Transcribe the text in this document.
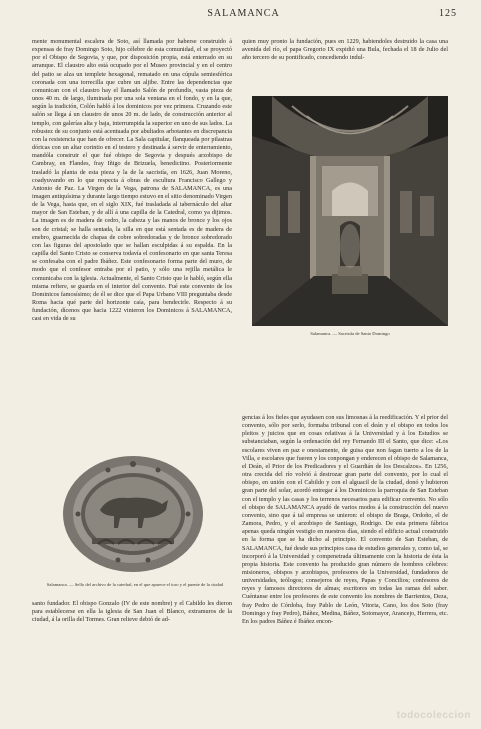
SALAMANCA	125

mente monumental escalera de Soto, así llamada por haberse construido á expensas de fray Domingo Soto, hijo célebre de esta comunidad, el se proyectó por el Obispo de Segovia, y que, por disposición propia, está enterrado en su arranque. El claustro alto está ocupado por el Museo provincial y en el centro del patio se alza un templete hexagonal, rematado en una cúpula semiesférica coronada con una torrecilla que cubre un aljibe. Entre las dependencias que comunican con el claustro hay el llamado Salón de profundis, vasta pieza de unos 40 m. de largo, iluminada por una sola ventana en el fondo, y en la que, según la tradición, Colón habló á los dominicos por vez primera. Cruzando este salón se llega á un claustro de unos 20 m. de lado, de construcción anterior al templo, con galerías alta y baja, interrumpida la superior en uno de sus lados. La robustez de su conjunto está acentuada por abultados arbotantes en discrepancia con la resistencia que han de ofrecer. La Sala capitular, flanqueada por pilastras dóricas con un altar corintio en el testero y destinada á servir de enterramiento, mandóla construir el que fué obispo de Segovia y después arzobispo de Cambray, en Flandes, fray Iñigo de Brizuela, benedictino. Posteriormente trasladó la planta de esta pieza y la de la sacristía, en 1626, Juan Moreno, coadyuvando en lo que respecta á obras de escultura Francisco Gallego y Antonio de Paz. La Virgen de la Vega, patrona de SALAMANCA, es una imagen antiquísima y durante largo tiempo estuvo en el sitio denominado Virgen de la Vega, hasta que, en el siglo XIX, fué trasladada al tabernáculo del altar mayor de San Esteban, y de allí á una capilla de la Catedral, como ya dijimos. La imagen es de madera de cedro, la cabeza y las manos de bronce y los ojos son de cristal; se halla sentada, la silla en que está sentada es de madera de enebro, guarnecida de chapas de cobre sobredoradas y de bronce sobredorado con las figuras del apostolado que se hallan esculpidas á su espalda. En la capilla del Santo Cristo se conserva todavía el confesonario en que santa Teresa se confesaba con el padre Ibáñez. Este confesonario forma parte del muro, de modo que el confesor entraba por el patio, y sólo una rejilla metálica le comunicaba con la iglesia. Actualmente, el Santo Cristo que le habló, según ella misma refiere, se guarda en el interior del convento. Fué este convento de los Dominicos famosísimo; de él se dice que el Papa Urbano VIII preguntaba desde Roma hacia qué parte del horizonte caía, para bendecirle. Respecto á su fundación, dícenos que hacia 1222 vinieron los Dominicos á SALAMANCA, casi en vida de su

quien muy pronto la fundación, pues en 1229, habiendoles destruido la casa una avenida del río, el papa Gregorio IX expidió una Bula, fechada el 18 de Julio del año tercero de su pontificado, concediendo indul-

Salamanca. — Sacristía de Santo Domingo

gencias á los fieles que ayudasen con sus limosnas á la reedificación. Y el prior del convento, sólo por serlo, formaba tribunal con el deán y el obispo en todos los pleitos y juicios que en cosas relativas á la Universidad y á los Estudios se substanciaban, según la ordenación del rey Fernando III el Santo, que dice: «Los escolares viven en paz e onestamente, de guisa que non fagan tuerto a los de la Villa, e escolares que fueren y los conpongan y enderecen el obispo de Salamanca, el Deán, el Prior de los Predicadores y el Guardián de los Descalzos». En 1256, otra crecida del río volvió á destrozar gran parte del convento, por lo cual el obispo, en unión con el Cabildo y con el alguacil de la ciudad, donó y hubieron gran parte del solar, acordó entregar á los Dominicos la parroquia de San Esteban con el templo y las casas y los terrenos necesarios para edificar convento. No sólo el obispo de SALAMANCA ayudó de varios modos á la construcción del nuevo convento, sino que á tal empresa se unieron: el obispo de Braga, Ordoño, el de Zamora, Pedro, y el arzobispo de Santiago, Rodrigo. De esta primera fábrica apenas queda ningún vestigio en nuestros días, siendo el edificio actual construido en la forma que se ha dicho al principio. El convento de San Esteban, de SALAMANCA, fué desde sus principios casa de estudios generales y, como tal, se incorporó á la Universidad y compenetrada últimamente con la historia de ésta la propia historia. Este convento ha producido gran número de hombres célebres: misioneros, obispos y arzobispos, profesores de la Universidad, fundadores de universidades, teólogos; consejeros de reyes, Papas y Concilios; confesores de reyes y famosos directores de almas; escritores en todas las ramas del saber. Cuéntanse entre los profesores de este convento los nombres de Barrientos, Deza, fray Pedro de Córdoba, fray Pablo de León, Vitoria, Cano, los dos Soto (fray Domingo y fray Pedro), Báñez, Medina, Báñez, Sotomayor, Arancejo, Herrera, etc. En los padres Báñez é Ibáñez encon-

Salamanca. — Sello del archivo de la catedral, en el que aparece el toro y el puente de la ciudad

santo fundador. El obispo Gonzalo (IV de este nombre) y el Cabildo les dieron para establecerse en ella la iglesia de San Juan el Blanco, extramuros de la ciudad, á la orilla del Tormes. Gran relieve debió de ad-

todocoleccion
